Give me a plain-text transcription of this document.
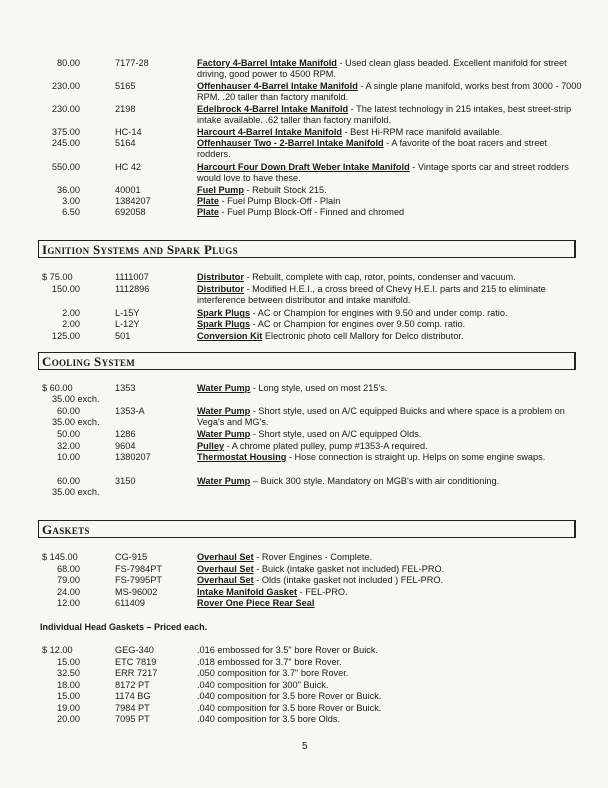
80.00	7177-28	Factory 4-Barrel Intake Manifold - Used clean glass beaded. Excellent manifold for street driving, good power to 4500 RPM.
230.00	5165	Offenhauser 4-Barrel Intake Manifold - A single plane manifold, works best from 3000 - 7000 RPM. .20 taller than factory manifold.
230.00	2198	Edelbrock 4-Barrel Intake Manifold - The latest technology in 215 intakes, best street-strip intake available. .62 taller than factory manifold.
375.00	HC-14	Harcourt 4-Barrel Intake Manifold - Best Hi-RPM race manifold available.
245.00	5164	Offenhauser Two - 2-Barrel Intake Manifold - A favorite of the boat racers and street rodders.
550.00	HC 42	Harcourt Four Down Draft Weber Intake Manifold - Vintage sports car and street rodders would love to have these.
36.00	40001	Fuel Pump - Rebuilt Stock 215.
3.00	1384207	Plate - Fuel Pump Block-Off - Plain
6.50	692058	Plate - Fuel Pump Block-Off - Finned and chromed
Ignition Systems and Spark Plugs
$ 75.00	1111007	Distributor - Rebuilt, complete with cap, rotor, points, condenser and vacuum.
150.00	1112896	Distributor - Modified H.E.I., a cross breed of Chevy H.E.I. parts and 215 to eliminate interference between distributor and intake manifold.
2.00	L-15Y	Spark Plugs - AC or Champion for engines with 9.50 and under comp. ratio.
2.00	L-12Y	Spark Plugs - AC or Champion for engines over 9.50 comp. ratio.
125.00	501	Conversion Kit Electronic photo cell Mallory for Delco distributor.
Cooling System
$ 60.00	1353	Water Pump - Long style, used on most 215's.
35.00 exch.
60.00	1353-A	Water Pump - Short style, used on A/C equipped Buicks and where space is a problem on Vega's and MG's.
35.00 exch.
50.00	1286	Water Pump - Short style, used on A/C equipped Olds.
32.00	9604	Pulley - A chrome plated pulley, pump #1353-A required.
10.00	1380207	Thermostat Housing - Hose connection is straight up. Helps on some engine swaps.
60.00	3150	Water Pump – Buick 300 style. Mandatory on MGB's with air conditioning.
35.00 exch.
Gaskets
$ 145.00	CG-915	Overhaul Set - Rover Engines - Complete.
68.00	FS-7984PT	Overhaul Set - Buick (intake gasket not included) FEL-PRO.
79.00	FS-7995PT	Overhaul Set - Olds (intake gasket not included ) FEL-PRO.
24.00	MS-96002	Intake Manifold Gasket - FEL-PRO.
12.00	611409	Rover One Piece Rear Seal
Individual Head Gaskets – Priced each.
$ 12.00	GEG-340	.016 embossed for 3.5" bore Rover or Buick.
15.00	ETC 7819	.018 embossed for 3.7" bore Rover.
32.50	ERR 7217	.050 composition for 3.7" bore Rover.
18.00	8172 PT	.040 composition for 300" Buick.
15.00	1174 BG	.040 composition for 3.5 bore Rover or Buick.
19.00	7984 PT	.040 composition for 3.5 bore Rover or Buick.
20.00	7095 PT	.040 composition for 3.5 bore Olds.
5
